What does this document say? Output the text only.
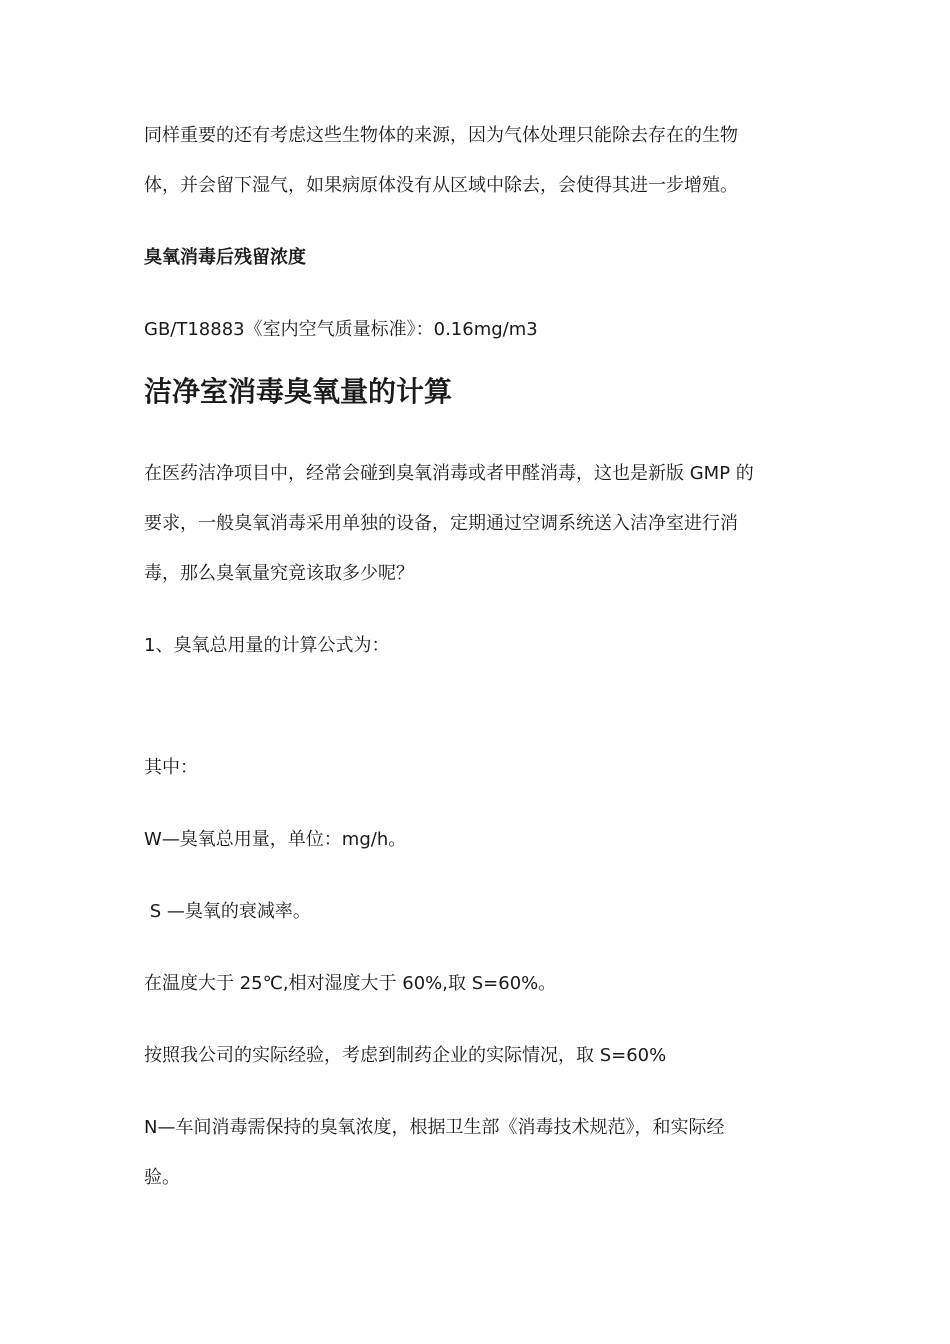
同样重要的还有考虑这些生物体的来源，因为气体处理只能除去存在的生物
体，并会留下湿气，如果病原体没有从区域中除去，会使得其进一步增殖。
臭氧消毒后残留浓度
GB/T18883《室内空气质量标准》：0.16mg/m3
洁净室消毒臭氧量的计算
在医药洁净项目中，经常会碰到臭氧消毒或者甲醛消毒，这也是新版 GMP 的
要求，一般臭氧消毒采用单独的设备，定期通过空调系统送入洁净室进行消
毒，那么臭氧量究竟该取多少呢？
1、臭氧总用量的计算公式为：
其中：
W—臭氧总用量，单位：mg/h。
S —臭氧的衰减率。
在温度大于 25℃,相对湿度大于 60%,取 S=60%。
按照我公司的实际经验，考虑到制药企业的实际情况，取 S=60%
N—车间消毒需保持的臭氧浓度，根据卫生部《消毒技术规范》，和实际经
验。
